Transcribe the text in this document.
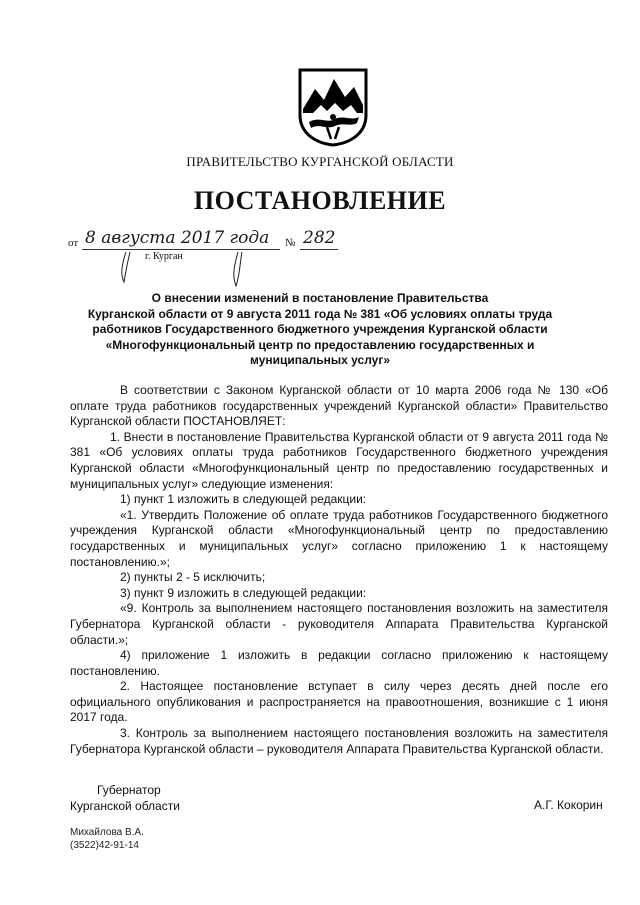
ПРАВИТЕЛЬСТВО КУРГАНСКОЙ ОБЛАСТИ
ПОСТАНОВЛЕНИЕ
от 8 августа 2017 года № 282
г. Курган
О внесении изменений в постановление Правительства
Курганской области от 9 августа 2011 года № 381 «Об условиях оплаты труда
работников Государственного бюджетного учреждения Курганской области
«Многофункциональный центр по предоставлению государственных и
муниципальных услуг»

В соответствии с Законом Курганской области от 10 марта 2006 года № 130 «Об оплате труда работников государственных учреждений Курганской области» Правительство Курганской области ПОСТАНОВЛЯЕТ:

1. Внести в постановление Правительства Курганской области от 9 августа 2011 года № 381 «Об условиях оплаты труда работников Государственного бюджетного учреждения Курганской области «Многофункциональный центр по предоставлению государственных и муниципальных услуг» следующие изменения:

1) пункт 1 изложить в следующей редакции:

«1. Утвердить Положение об оплате труда работников Государственного бюджетного учреждения Курганской области «Многофункциональный центр по предоставлению государственных и муниципальных услуг» согласно приложению 1 к настоящему постановлению.»;

2) пункты 2 - 5 исключить;

3) пункт 9 изложить в следующей редакции:

«9. Контроль за выполнением настоящего постановления возложить на заместителя Губернатора Курганской области - руководителя Аппарата Правительства Курганской области.»;

4) приложение 1 изложить в редакции согласно приложению к настоящему постановлению.

2. Настоящее постановление вступает в силу через десять дней после его официального опубликования и распространяется на правоотношения, возникшие с 1 июня 2017 года.

3. Контроль за выполнением настоящего постановления возложить на заместителя Губернатора Курганской области – руководителя Аппарата Правительства Курганской области.

Губернатор
Курганской области	А.Г. Кокорин
Михайлова В.А.
(3522)42-91-14
